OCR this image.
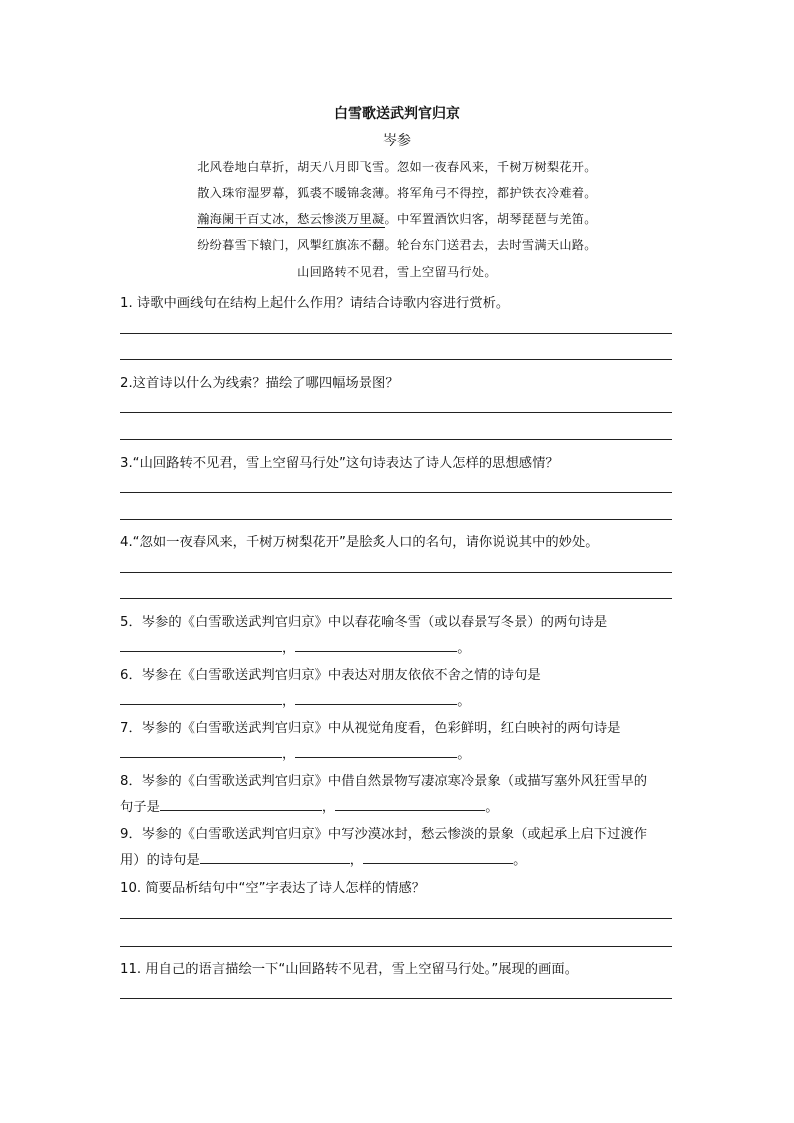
白雪歌送武判官归京
岑参
北风卷地白草折，胡天八月即飞雪。忽如一夜春风来，千树万树梨花开。
散入珠帘湿罗幕，狐裘不暖锦衾薄。将军角弓不得控，都护铁衣冷难着。
瀚海阑干百丈冰，愁云惨淡万里凝。中军置酒饮归客，胡琴琵琶与羌笛。
纷纷暮雪下辕门，风掣红旗冻不翻。轮台东门送君去，去时雪满天山路。
山回路转不见君，雪上空留马行处。
1. 诗歌中画线句在结构上起什么作用？请结合诗歌内容进行赏析。
2.这首诗以什么为线索？描绘了哪四幅场景图？
3.“山回路转不见君，雪上空留马行处”这句诗表达了诗人怎样的思想感情？
4.“忽如一夜春风来，千树万树梨花开”是脍炙人口的名句，请你说说其中的妙处。
5．岑参的《白雪歌送武判官归京》中以春花喻冬雪（或以春景写冬景）的两句诗是
，	。
6．岑参在《白雪歌送武判官归京》中表达对朋友依依不舍之情的诗句是
，	。
7．岑参的《白雪歌送武判官归京》中从视觉角度看，色彩鲜明，红白映衬的两句诗是
，	。
8．岑参的《白雪歌送武判官归京》中借自然景物写凄凉寒冷景象（或描写塞外风狂雪早的
句子是	，	。
9．岑参的《白雪歌送武判官归京》中写沙漠冰封，愁云惨淡的景象（或起承上启下过渡作
用）的诗句是	，	。
10. 简要品析结句中“空”字表达了诗人怎样的情感？
11. 用自己的语言描绘一下“山回路转不见君，雪上空留马行处。”展现的画面。
